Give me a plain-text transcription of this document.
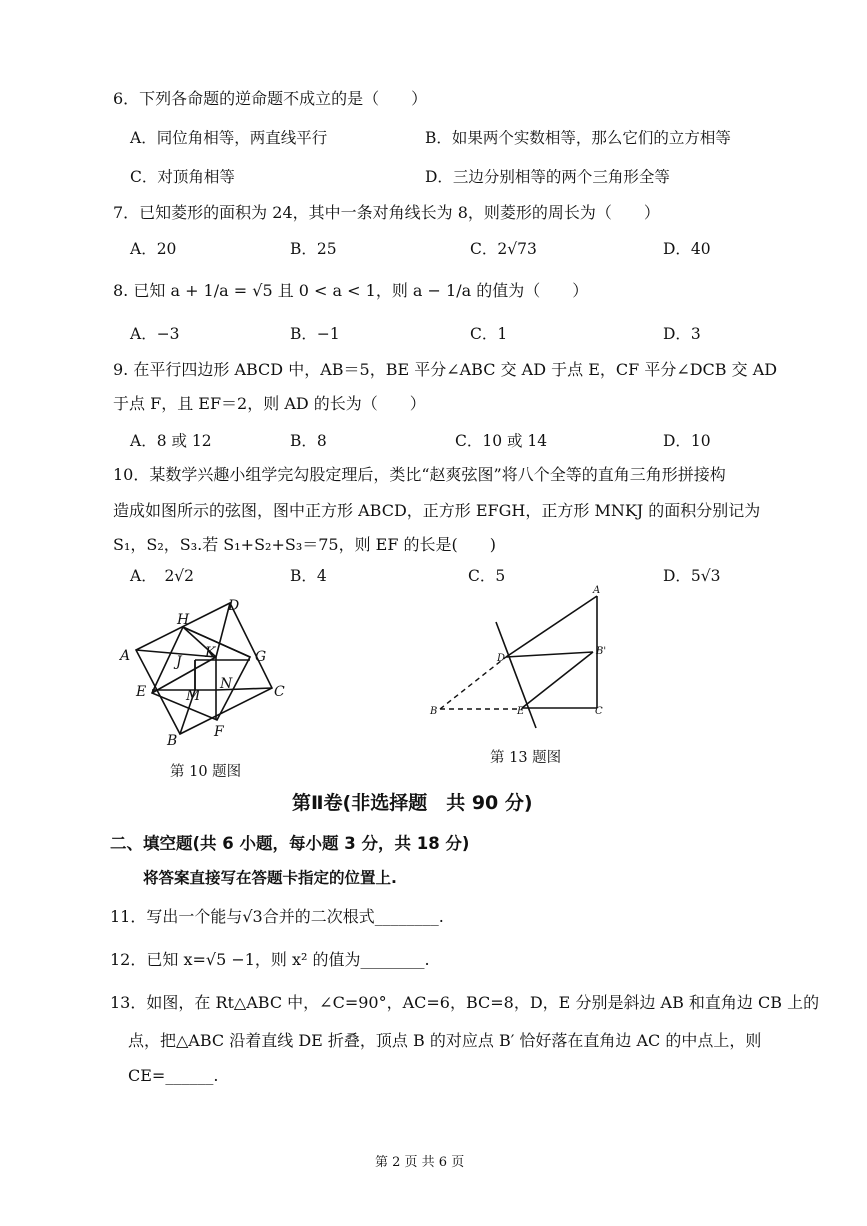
6．下列各命题的逆命题不成立的是（　　）
A．同位角相等，两直线平行	B．如果两个实数相等，那么它们的立方相等
C．对顶角相等	D．三边分别相等的两个三角形全等
7．已知菱形的面积为 24，其中一条对角线长为 8，则菱形的周长为（　　）
A．20	B．25	C．2√73	D．40
8. 已知 a + 1/a = √5 且 0 < a < 1，则 a − 1/a 的值为（　　）
A．−3	B．−1	C．1	D．3
9. 在平行四边形 ABCD 中，AB＝5，BE 平分∠ABC 交 AD 于点 E，CF 平分∠DCB 交 AD
于点 F，且 EF＝2，则 AD 的长为（　　）
A．8 或 12	B．8	C．10 或 14	D．10
10．某数学兴趣小组学完勾股定理后，类比“赵爽弦图”将八个全等的直角三角形拼接构
造成如图所示的弦图，图中正方形 ABCD，正方形 EFGH，正方形 MNKJ 的面积分别记为
S₁，S₂，S₃.若 S₁+S₂+S₃＝75，则 EF 的长是(　　)
A．　2√2	B．4	C．5	D．5√3
H
D
A	G
K
J
E	M
N	C
F
B
第 10 题图
A
B'
D
B	E	C
第 13 题图
第Ⅱ卷(非选择题　共 90 分)
二、填空题(共 6 小题，每小题 3 分，共 18 分)
将答案直接写在答题卡指定的位置上.
11．写出一个能与√3合并的二次根式________.
12．已知 x=√5 −1，则 x² 的值为________.
13．如图，在 Rt△ABC 中，∠C=90°，AC=6，BC=8，D，E 分别是斜边 AB 和直角边 CB 上的
点，把△ABC 沿着直线 DE 折叠，顶点 B 的对应点 B′ 恰好落在直角边 AC 的中点上，则
CE=______.
第 2 页 共 6 页
